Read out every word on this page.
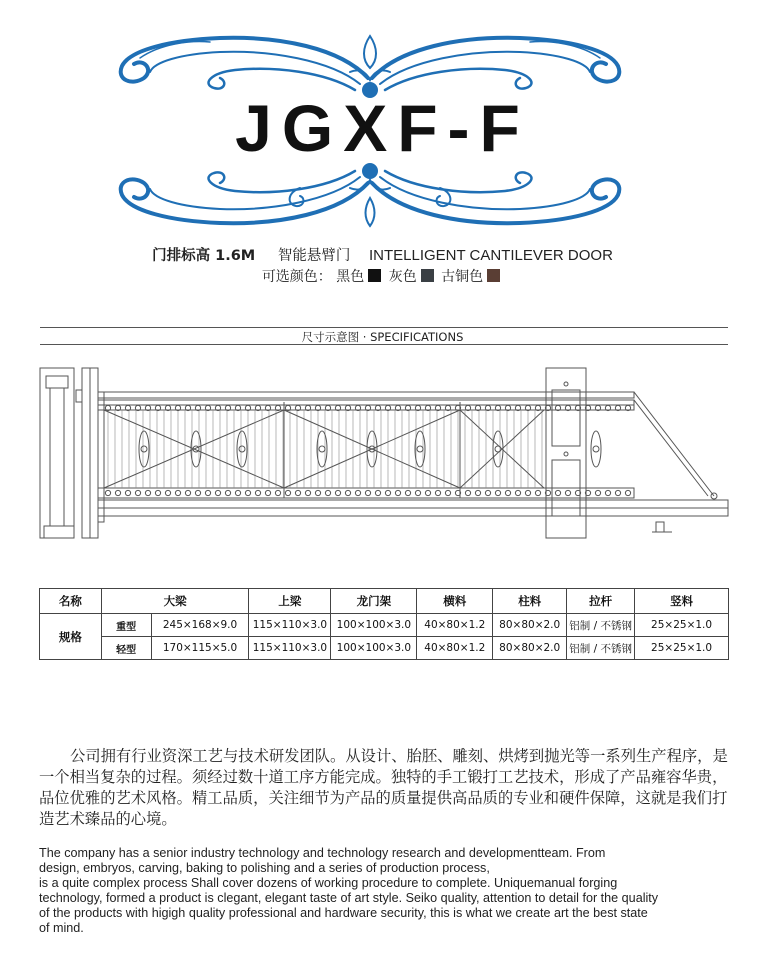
JGXF-F
门排标高 1.6M 智能悬臂门 INTELLIGENT CANTILEVER DOOR
可选颜色： 黑色 灰色 古铜色
尺寸示意图 · SPECIFICATIONS
名称	大梁		上梁	龙门架	横料	柱料	拉杆	竖料
规格	重型	245×168×9.0	115×110×3.0	100×100×3.0	40×80×1.2	80×80×2.0	铝制 / 不锈钢	25×25×1.0
	轻型	170×115×5.0	115×110×3.0	100×100×3.0	40×80×1.2	80×80×2.0	铝制 / 不锈钢	25×25×1.0

公司拥有行业资深工艺与技术研发团队。从设计、胎胚、雕刻、烘烤到抛光等一系列生产程序，是一个相当复杂的过程。须经过数十道工序方能完成。独特的手工锻打工艺技术，形成了产品雍容华贵，品位优雅的艺术风格。精工品质，关注细节为产品的质量提供高品质的专业和硬件保障，这就是我们打造艺术臻品的心境。

The company has a senior industry technology and technology research and developmentteam. From
design, embryos, carving, baking to polishing and a series of production process,
is a quite complex process Shall cover dozens of working procedure to complete. Uniquemanual forging
technology, formed a product is clegant, elegant taste of art style. Seiko quality, attention to detail for the quality
of the products with higigh quality professional and hardware security, this is what we create art the best state
of mind.
